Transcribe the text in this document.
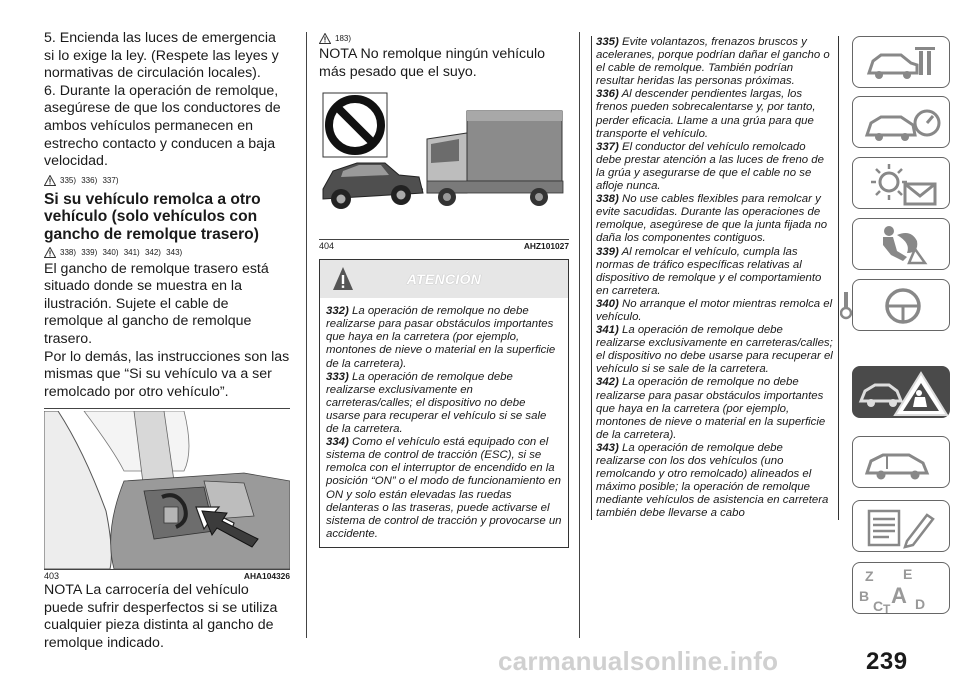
5. Encienda las luces de emergencia si lo exige la ley. (Respete las leyes y normativas de circulación locales).

6. Durante la operación de remolque, asegúrese de que los conductores de ambos vehículos permanecen en estrecho contacto y conducen a baja velocidad.

335) 336) 337)
Si su vehículo remolca a otro vehículo (solo vehículos con gancho de remolque trasero)
338) 339) 340) 341) 342) 343)

El gancho de remolque trasero está situado donde se muestra en la ilustración. Sujete el cable de remolque al gancho de remolque trasero.

Por lo demás, las instrucciones son las mismas que “Si su vehículo va a ser remolcado por otro vehículo”.

403	AHA104326

NOTA La carrocería del vehículo puede sufrir desperfectos si se utiliza cualquier pieza distinta al gancho de remolque indicado.

183)

NOTA No remolque ningún vehículo más pesado que el suyo.

404	AHZ101027
ATENCIÓN

332) La operación de remolque no debe realizarse para pasar obstáculos importantes que haya en la carretera (por ejemplo, montones de nieve o material en la superficie de la carretera).

333) La operación de remolque debe realizarse exclusivamente en carreteras/calles; el dispositivo no debe usarse para recuperar el vehículo si se sale de la carretera.

334) Como el vehículo está equipado con el sistema de control de tracción (ESC), si se remolca con el interruptor de encendido en la posición “ON” o el modo de funcionamiento en ON y solo están elevadas las ruedas delanteras o las traseras, puede activarse el sistema de control de tracción y provocarse un accidente.

335) Evite volantazos, frenazos bruscos y aceleranes, porque podrían dañar el gancho o el cable de remolque. También podrían resultar heridas las personas próximas.

336) Al descender pendientes largas, los frenos pueden sobrecalentarse y, por tanto, perder eficacia. Llame a una grúa para que transporte el vehículo.

337) El conductor del vehículo remolcado debe prestar atención a las luces de freno de la grúa y asegurarse de que el cable no se afloje nunca.

338) No use cables flexibles para remolcar y evite sacudidas. Durante las operaciones de remolque, asegúrese de que la junta fijada no daña los componentes contiguos.

339) Al remolcar el vehículo, cumpla las normas de tráfico específicas relativas al dispositivo de remolque y el comportamiento en carretera.

340) No arranque el motor mientras remolca el vehículo.

341) La operación de remolque debe realizarse exclusivamente en carreteras/calles; el dispositivo no debe usarse para recuperar el vehículo si se sale de la carretera.

342) La operación de remolque no debe realizarse para pasar obstáculos importantes que haya en la carretera (por ejemplo, montones de nieve o material en la superficie de la carretera).

343) La operación de remolque debe realizarse con los dos vehículos (uno remolcando y otro remolcado) alineados el máximo posible; la operación de remolque mediante vehículos de asistencia en carretera también debe llevarse a cabo

Z E
B A
C T D
carmanualsonline.info	239
